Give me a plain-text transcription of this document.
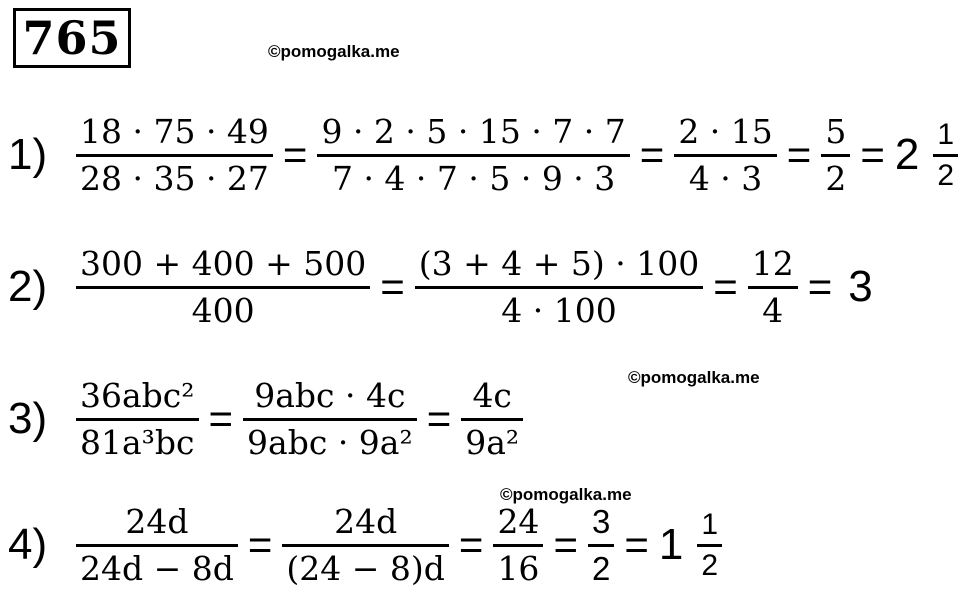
765	©pomogalka.me
©pomogalka.me
©pomogalka.me
$1) \frac{18 \cdot 75 \cdot 49}{28 \cdot 35 \cdot 27} = \frac{9 \cdot 2 \cdot 5 \cdot 15 \cdot 7 \cdot 7}{7 \cdot 4 \cdot 7 \cdot 5 \cdot 9 \cdot 3} = \frac{2 \cdot 15}{4 \cdot 3} = \frac{5}{2} = 2 \frac{1}{2}$
$2) \frac{300 + 400 + 500}{400} = \frac{(3 + 4 + 5) \cdot 100}{4 \cdot 100} = \frac{12}{4} = 3$
$3) \frac{\text{36abc²}}{\text{81a³bc}} = \frac{\text{9abc · 4c}}{\text{9abc · 9a²}} = \frac{4c}{\text{9a²}}$
$4) \frac{24d}{24d - 8d} = \frac{24d}{(24 - 8)d} = \frac{24}{16} = \frac{3}{2} = 1 \frac{1}{2}$
